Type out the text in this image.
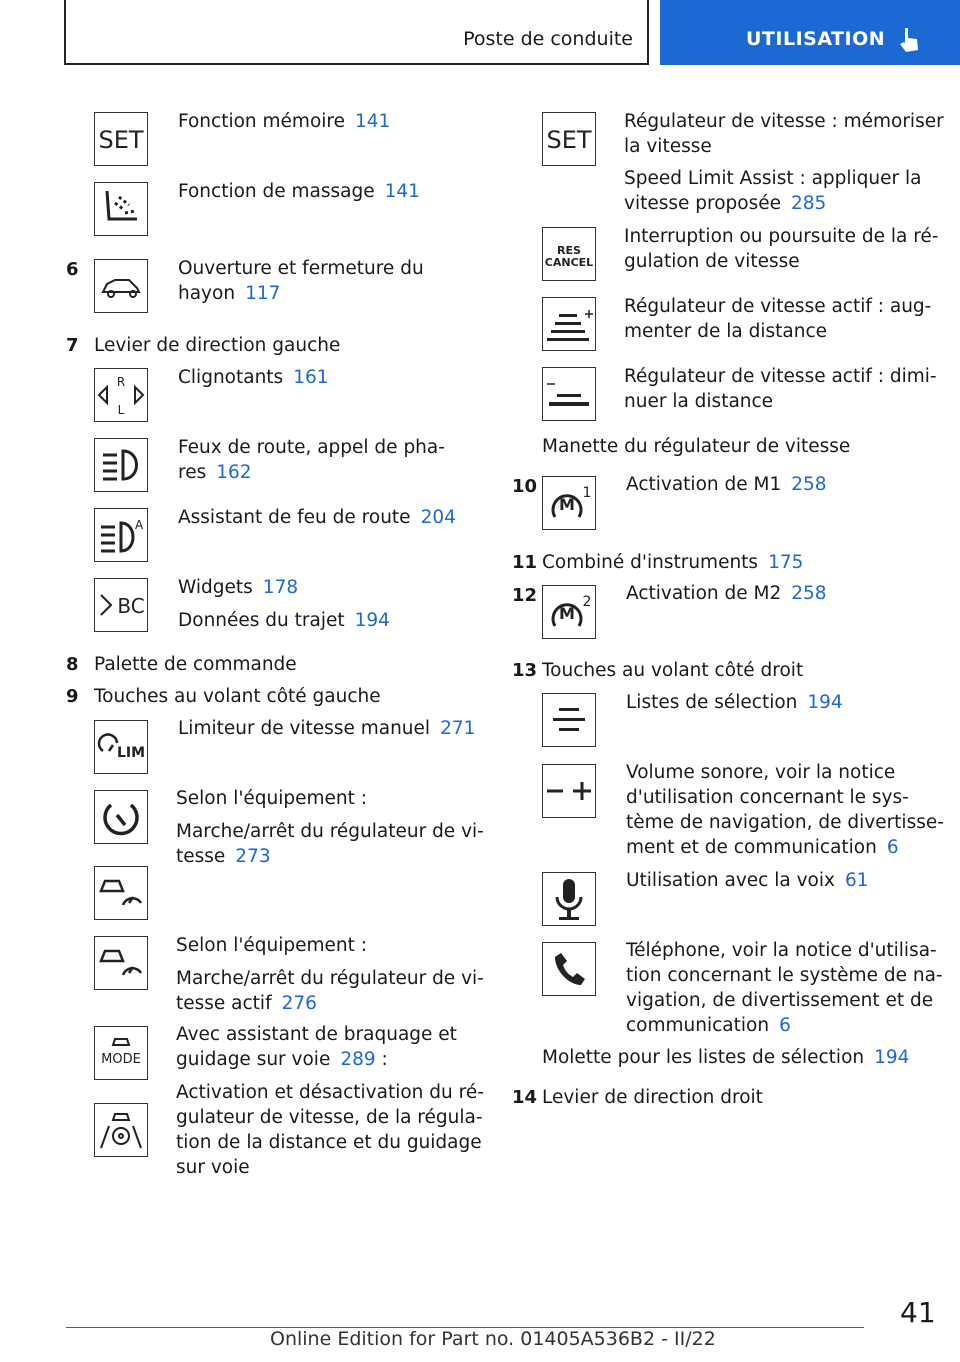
Poste de conduite	UTILISATION
SET
Fonction mémoire 141
Fonction de massage 141
6	Ouverture et fermeture du
hayon 117
7 Levier de direction gauche
R
L
Clignotants 161
Feux de route, appel de pha-
res 162
A Assistant de feu de route 204
BC
Widgets 178
Données du trajet 194
8 Palette de commande
9 Touches au volant côté gauche
LIM
Limiteur de vitesse manuel 271
Selon l'équipement :
Marche/arrêt du régulateur de vi-
tesse 273
Selon l'équipement :
Marche/arrêt du régulateur de vi-
tesse actif 276
MODE
Avec assistant de braquage et
guidage sur voie 289 :
Activation et désactivation du ré-
gulateur de vitesse, de la régula-
tion de la distance et du guidage
sur voie
SET
Régulateur de vitesse : mémoriser
la vitesse
Speed Limit Assist : appliquer la
vitesse proposée 285
RES
CANCEL
Interruption ou poursuite de la ré-
gulation de vitesse
Régulateur de vitesse actif : aug-
menter de la distance
Régulateur de vitesse actif : dimi-
nuer la distance
Manette du régulateur de vitesse
10
M
1 Activation de M1 258
11 Combiné d'instruments 175
12
M
2 Activation de M2 258
13 Touches au volant côté droit
Listes de sélection 194
Volume sonore, voir la notice
d'utilisation concernant le sys-
tème de navigation, de divertisse-
ment et de communication 6
Utilisation avec la voix 61
Téléphone, voir la notice d'utilisa-
tion concernant le système de na-
vigation, de divertissement et de
communication 6
Molette pour les listes de sélection 194
14 Levier de direction droit
41
Online Edition for Part no. 01405A536B2 - II/22
